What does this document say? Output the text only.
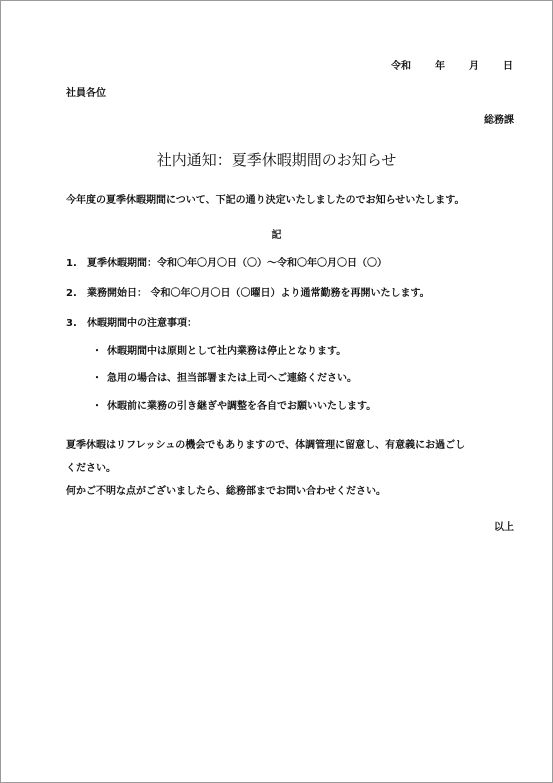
令和 年 月 日
社員各位
総務課
社内通知：夏季休暇期間のお知らせ
今年度の夏季休暇期間について、下記の通り決定いたしましたのでお知らせいたします。
記
1. 夏季休暇期間：令和〇年〇月〇日（〇）～令和〇年〇月〇日（〇）
2. 業務開始日： 令和〇年〇月〇日（〇曜日）より通常勤務を再開いたします。
3. 休暇期間中の注意事項：
・ 休暇期間中は原則として社内業務は停止となります。
・ 急用の場合は、担当部署または上司へご連絡ください。
・ 休暇前に業務の引き継ぎや調整を各自でお願いいたします。
夏季休暇はリフレッシュの機会でもありますので、体調管理に留意し、有意義にお過ごし
ください。
何かご不明な点がございましたら、総務部までお問い合わせください。
以上
